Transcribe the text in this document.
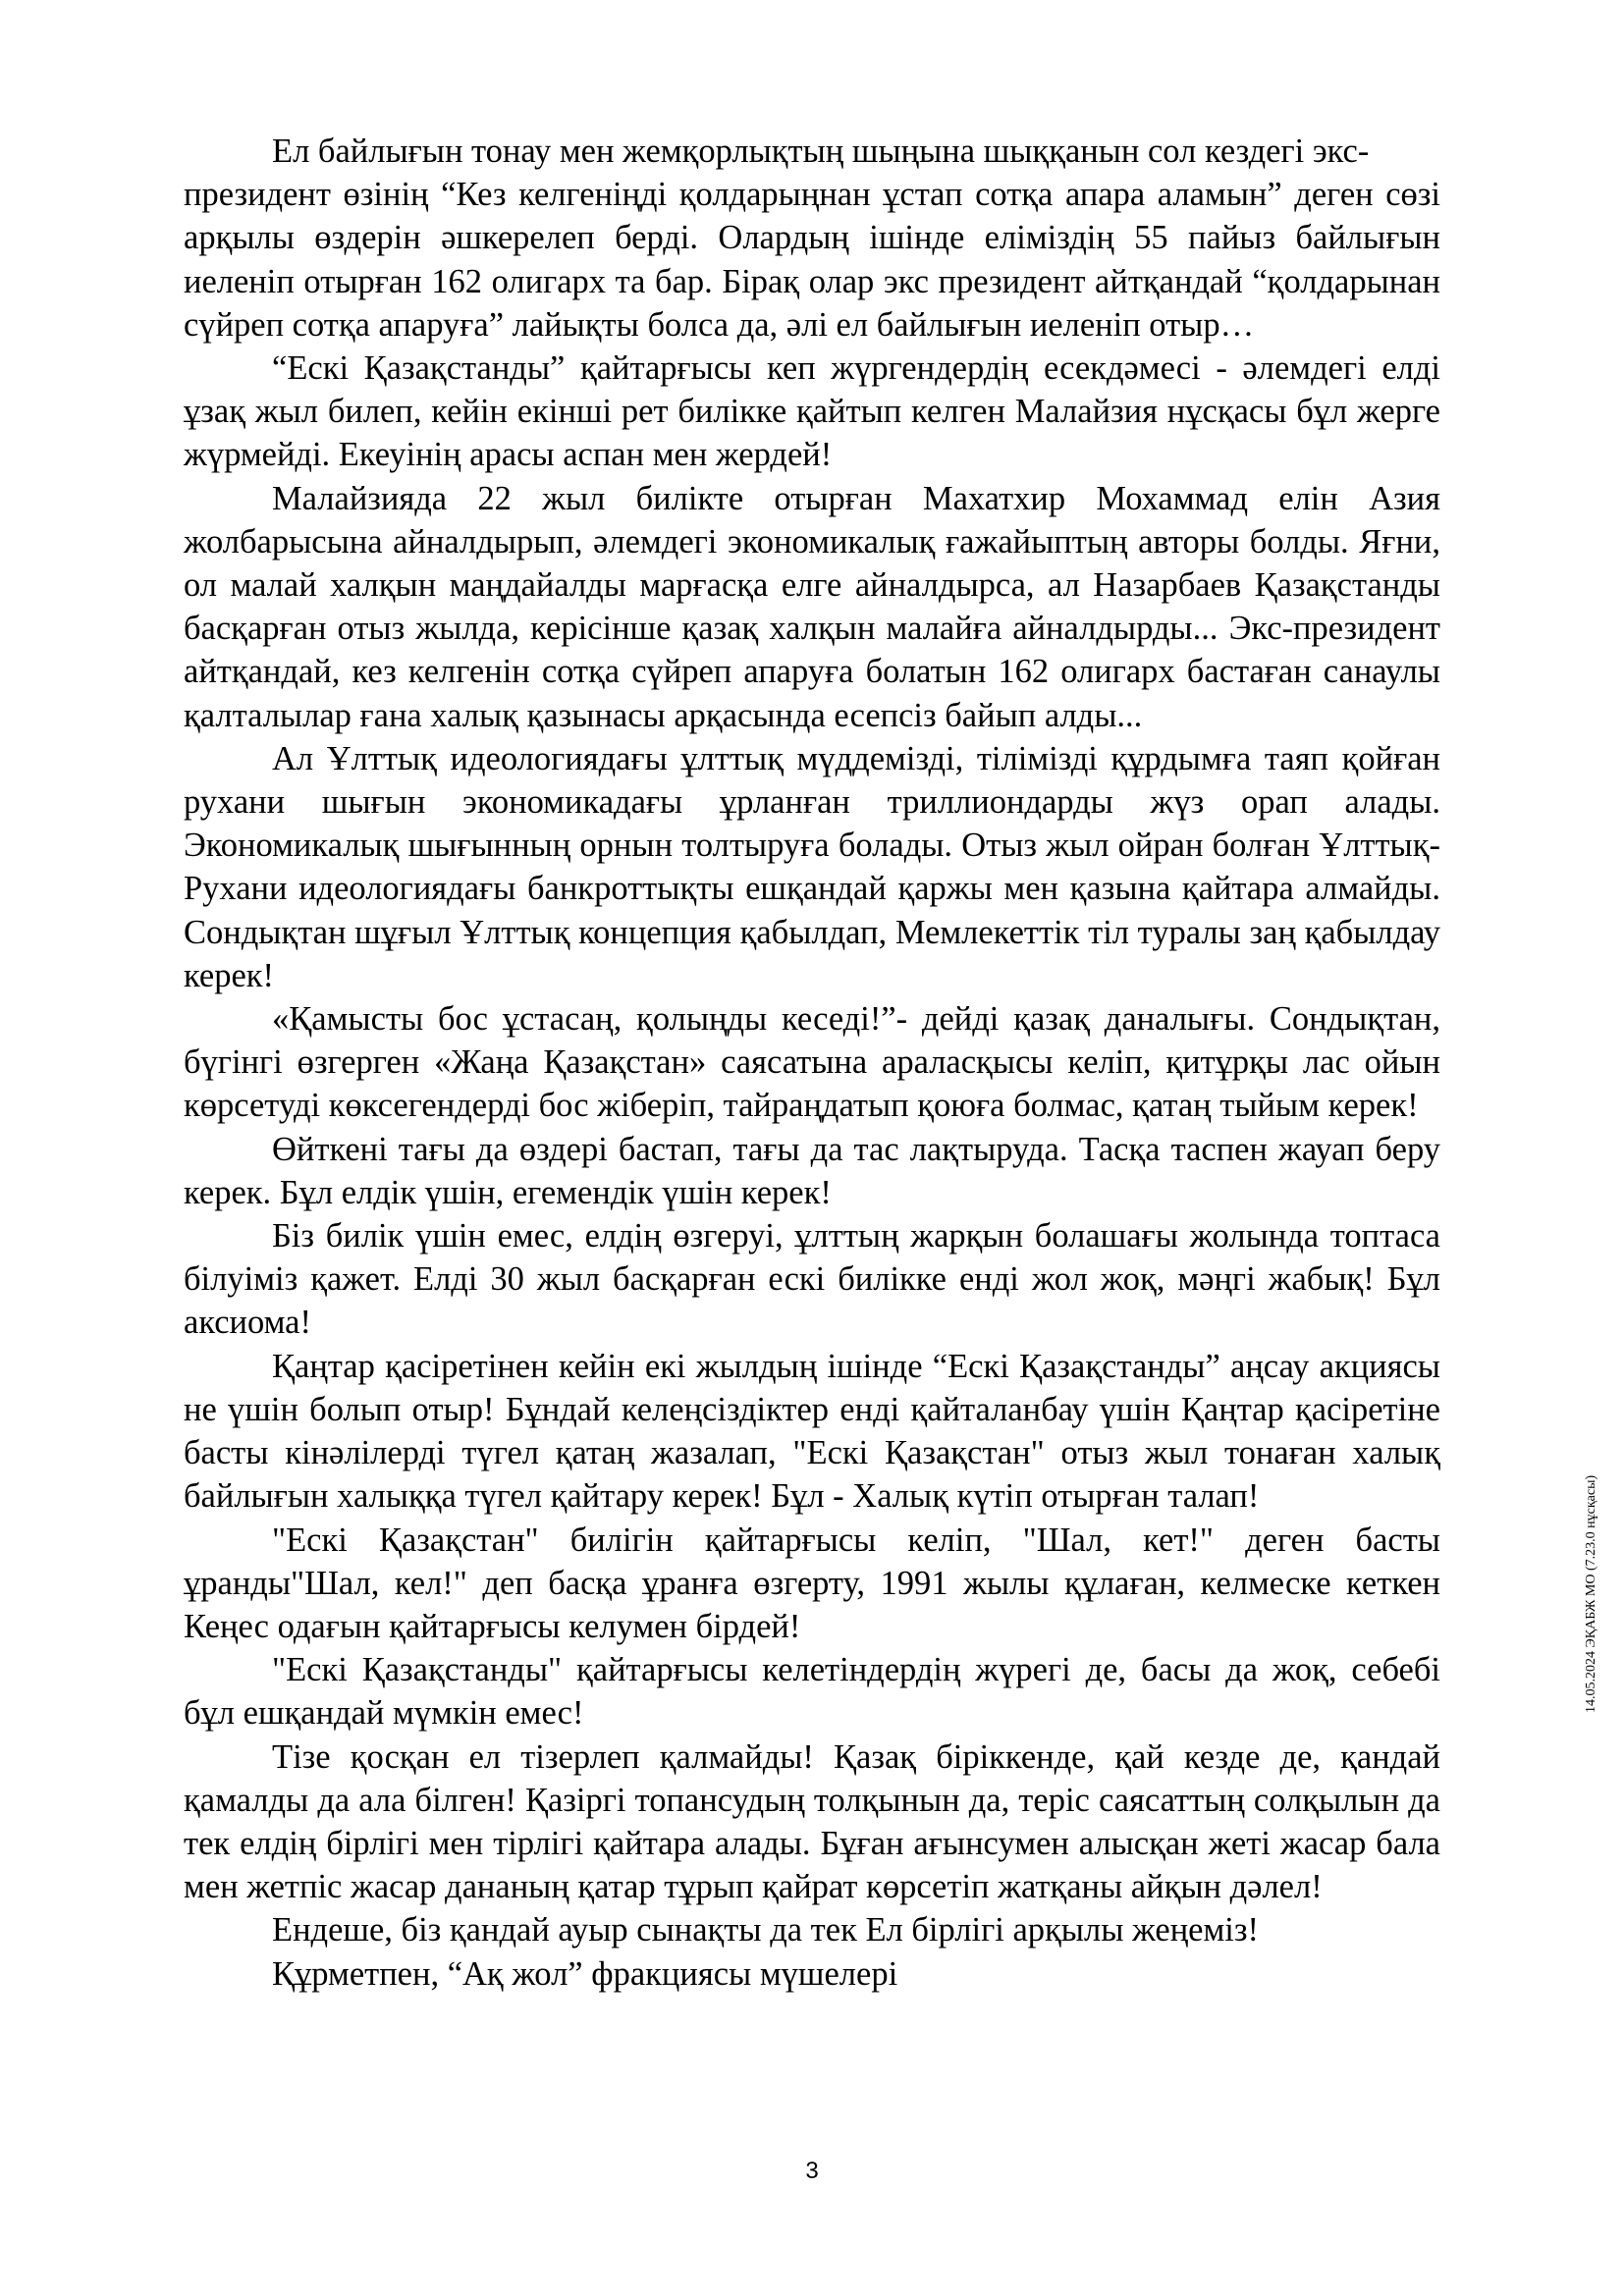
Ел байлығын тонау мен жемқорлықтың шыңына шыққанын сол кездегі экс-
президент өзінің “Кез келгеніңді қолдарыңнан ұстап сотқа апара аламын” деген сөзі арқылы өздерін әшкерелеп берді. Олардың ішінде еліміздің 55 пайыз байлығын иеленіп отырған 162 олигарх та бар. Бірақ олар экс президент айтқандай “қолдарынан сүйреп сотқа апаруға” лайықты болса да, әлі ел байлығын иеленіп отыр…

“Ескі Қазақстанды” қайтарғысы кеп жүргендердің есекдәмесі - әлемдегі елді ұзақ жыл билеп, кейін екінші рет билікке қайтып келген Малайзия нұсқасы бұл жерге жүрмейді. Екеуінің арасы аспан мен жердей!

Малайзияда 22 жыл билікте отырған Махатхир Мохаммад елін Азия жолбарысына айналдырып, әлемдегі экономикалық ғажайыптың авторы болды. Яғни, ол малай халқын маңдайалды марғасқа елге айналдырса, ал Назарбаев Қазақстанды басқарған отыз жылда, керісінше қазақ халқын малайға айналдырды... Экс-президент айтқандай, кез келгенін сотқа сүйреп апаруға болатын 162 олигарх бастаған санаулы қалталылар ғана халық қазынасы арқасында есепсіз байып алды...

Ал Ұлттық идеологиядағы ұлттық мүддемізді, тілімізді құрдымға таяп қойған рухани шығын экономикадағы ұрланған триллиондарды жүз орап алады. Экономикалық шығынның орнын толтыруға болады. Отыз жыл ойран болған Ұлттық-Рухани идеологиядағы банкроттықты ешқандай қаржы мен қазына қайтара алмайды. Сондықтан шұғыл Ұлттық концепция қабылдап, Мемлекеттік тіл туралы заң қабылдау керек!

«Қамысты бос ұстасаң, қолыңды кеседі!”- дейді қазақ даналығы. Сондықтан, бүгінгі өзгерген «Жаңа Қазақстан» саясатына араласқысы келіп, қитұрқы лас ойын көрсетуді көксегендерді бос жіберіп, тайраңдатып қоюға болмас, қатаң тыйым керек!

Өйткені тағы да өздері бастап, тағы да тас лақтыруда. Тасқа таспен жауап беру керек. Бұл елдік үшін, егемендік үшін керек!

Біз билік үшін емес, елдің өзгеруі, ұлттың жарқын болашағы жолында топтаса білуіміз қажет. Елді 30 жыл басқарған ескі билікке енді жол жоқ, мәңгі жабық! Бұл аксиома!

Қаңтар қасіретінен кейін екі жылдың ішінде “Ескі Қазақстанды” аңсау акциясы не үшін болып отыр! Бұндай келеңсіздіктер енді қайталанбау үшін Қаңтар қасіретіне басты кінәлілерді түгел қатаң жазалап, "Ескі Қазақстан" отыз жыл тонаған халық байлығын халыққа түгел қайтару керек! Бұл - Халық күтіп отырған талап!

"Ескі Қазақстан" билігін қайтарғысы келіп, "Шал, кет!" деген басты ұранды"Шал, кел!" деп басқа ұранға өзгерту, 1991 жылы құлаған, келмеске кеткен Кеңес одағын қайтарғысы келумен бірдей!

"Ескі Қазақстанды" қайтарғысы келетіндердің жүрегі де, басы да жоқ, себебі бұл ешқандай мүмкін емес!

Тізе қосқан ел тізерлеп қалмайды! Қазақ біріккенде, қай кезде де, қандай қамалды да ала білген! Қазіргі топансудың толқынын да, теріс саясаттың солқылын да тек елдің бірлігі мен тірлігі қайтара алады. Бұған ағынсумен алысқан жеті жасар бала мен жетпіс жасар дананың қатар тұрып қайрат көрсетіп жатқаны айқын дәлел!

Ендеше, біз қандай ауыр сынақты да тек Ел бірлігі арқылы жеңеміз!

Құрметпен, “Ақ жол” фракциясы мүшелері

14.05.2024 ЭҚАБЖ МО (7.23.0 нұсқасы)
3
